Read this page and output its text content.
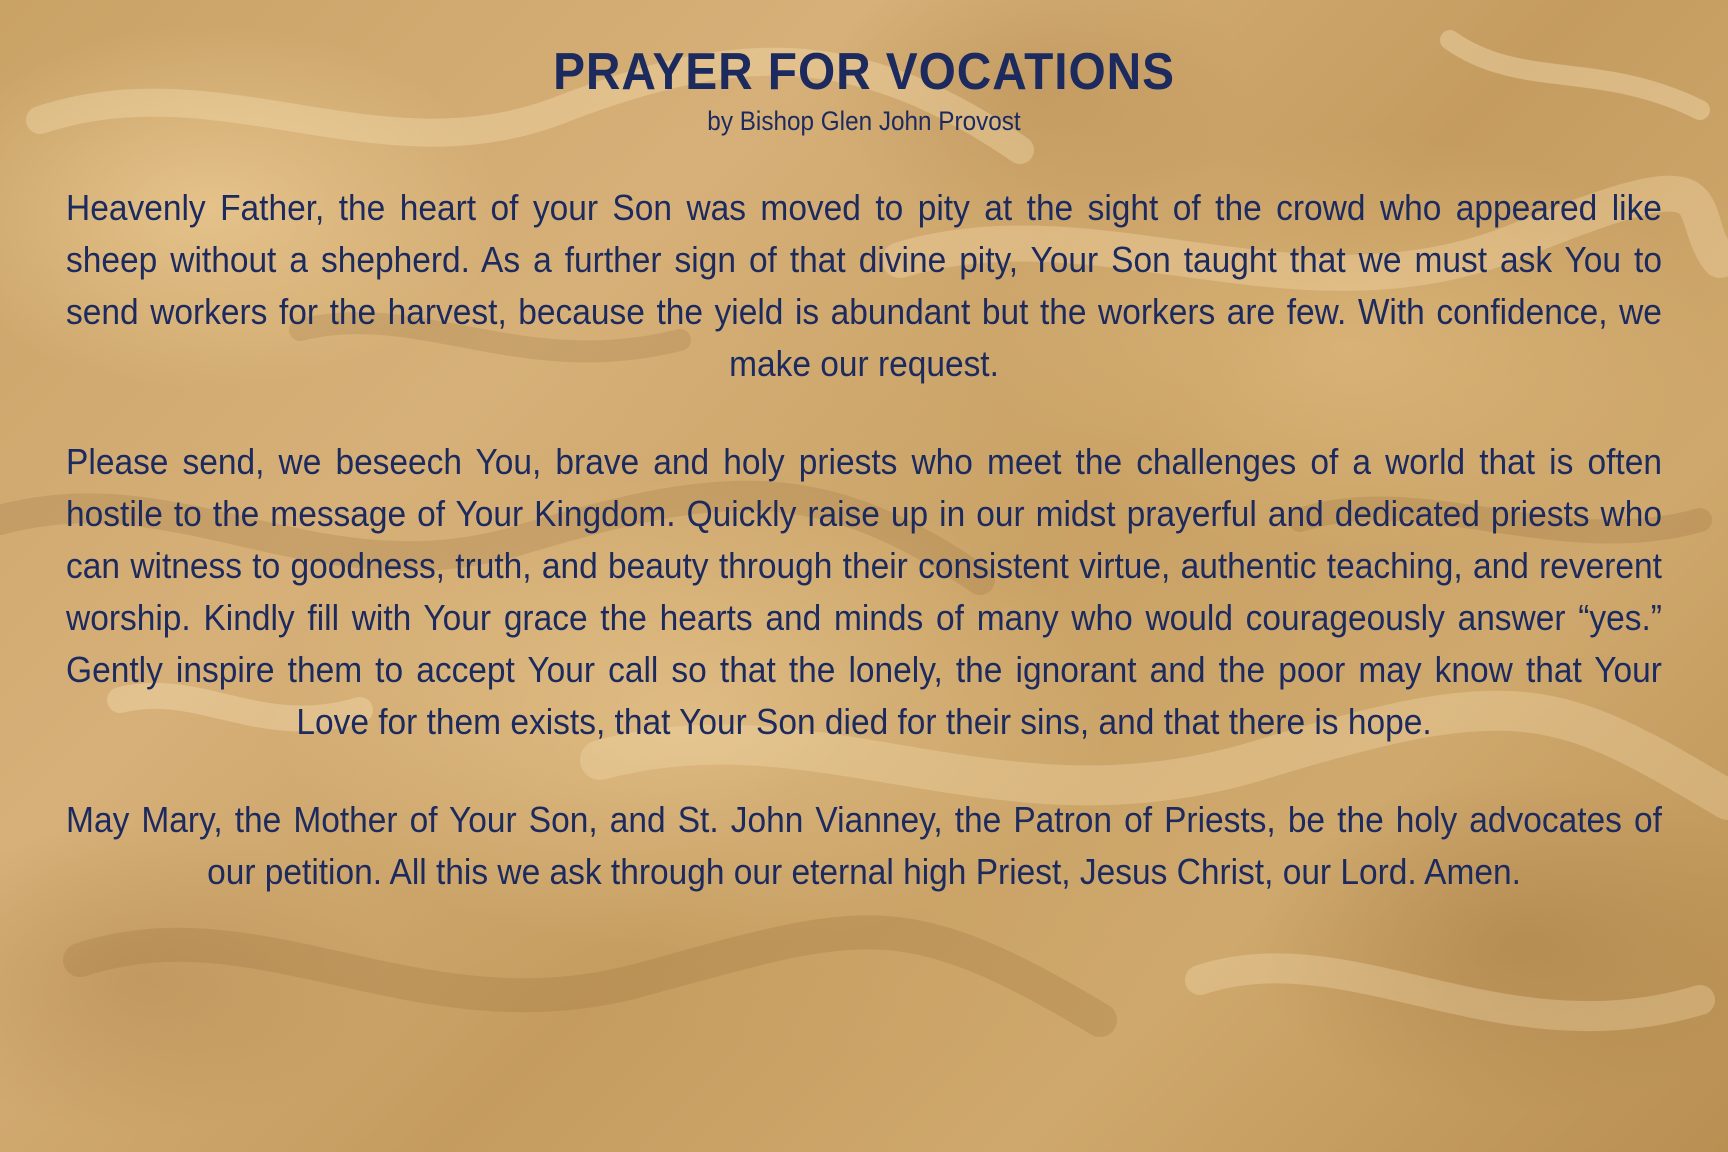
PRAYER FOR VOCATIONS

by Bishop Glen John Provost

Heavenly Father, the heart of your Son was moved to pity at the sight of the crowd who appeared like sheep without a shepherd. As a further sign of that divine pity, Your Son taught that we must ask You to send workers for the harvest, because the yield is abundant but the workers are few. With confidence, we make our request.

Please send, we beseech You, brave and holy priests who meet the challenges of a world that is often hostile to the message of Your Kingdom. Quickly raise up in our midst prayerful and dedicated priests who can witness to goodness, truth, and beauty through their consistent virtue, authentic teaching, and reverent worship. Kindly fill with Your grace the hearts and minds of many who would courageously answer “yes.” Gently inspire them to accept Your call so that the lonely, the ignorant and the poor may know that Your Love for them exists, that Your Son died for their sins, and that there is hope.

May Mary, the Mother of Your Son, and St. John Vianney, the Patron of Priests, be the holy advocates of our petition. All this we ask through our eternal high Priest, Jesus Christ, our Lord. Amen.
